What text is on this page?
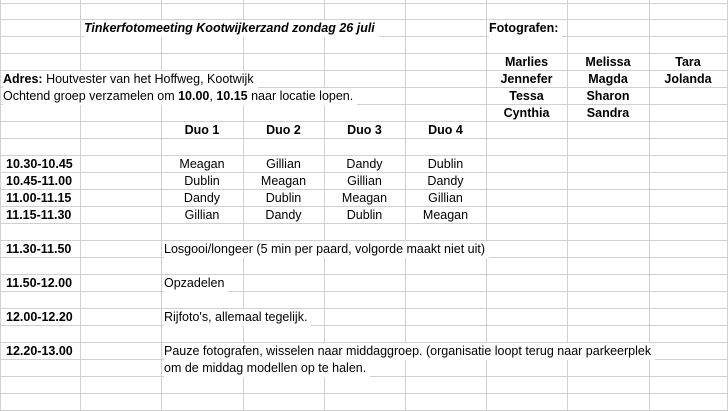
Tinkerfotomeeting Kootwijkerzand zondag 26 juli	Fotografen:
Marlies	Melissa	Tara
Jennefer	Magda	Jolanda
Tessa	Sharon
Cynthia	Sandra
Adres: Houtvester van het Hoffweg, Kootwijk
Ochtend groep verzamelen om 10.00, 10.15 naar locatie lopen.
Duo 1	Duo 2	Duo 3	Duo 4
10.30-10.45	Meagan	Gillian	Dandy	Dublin
10.45-11.00	Dublin	Meagan	Gillian	Dandy
11.00-11.15	Dandy	Dublin	Meagan	Gillian
11.15-11.30	Gillian	Dandy	Dublin	Meagan
11.30-11.50	Losgooi/longeer (5 min per paard, volgorde maakt niet uit)
11.50-12.00	Opzadelen
12.00-12.20	Rijfoto's, allemaal tegelijk.
12.20-13.00	Pauze fotografen, wisselen naar middaggroep. (organisatie loopt terug naar parkeerplek
om de middag modellen op te halen.
